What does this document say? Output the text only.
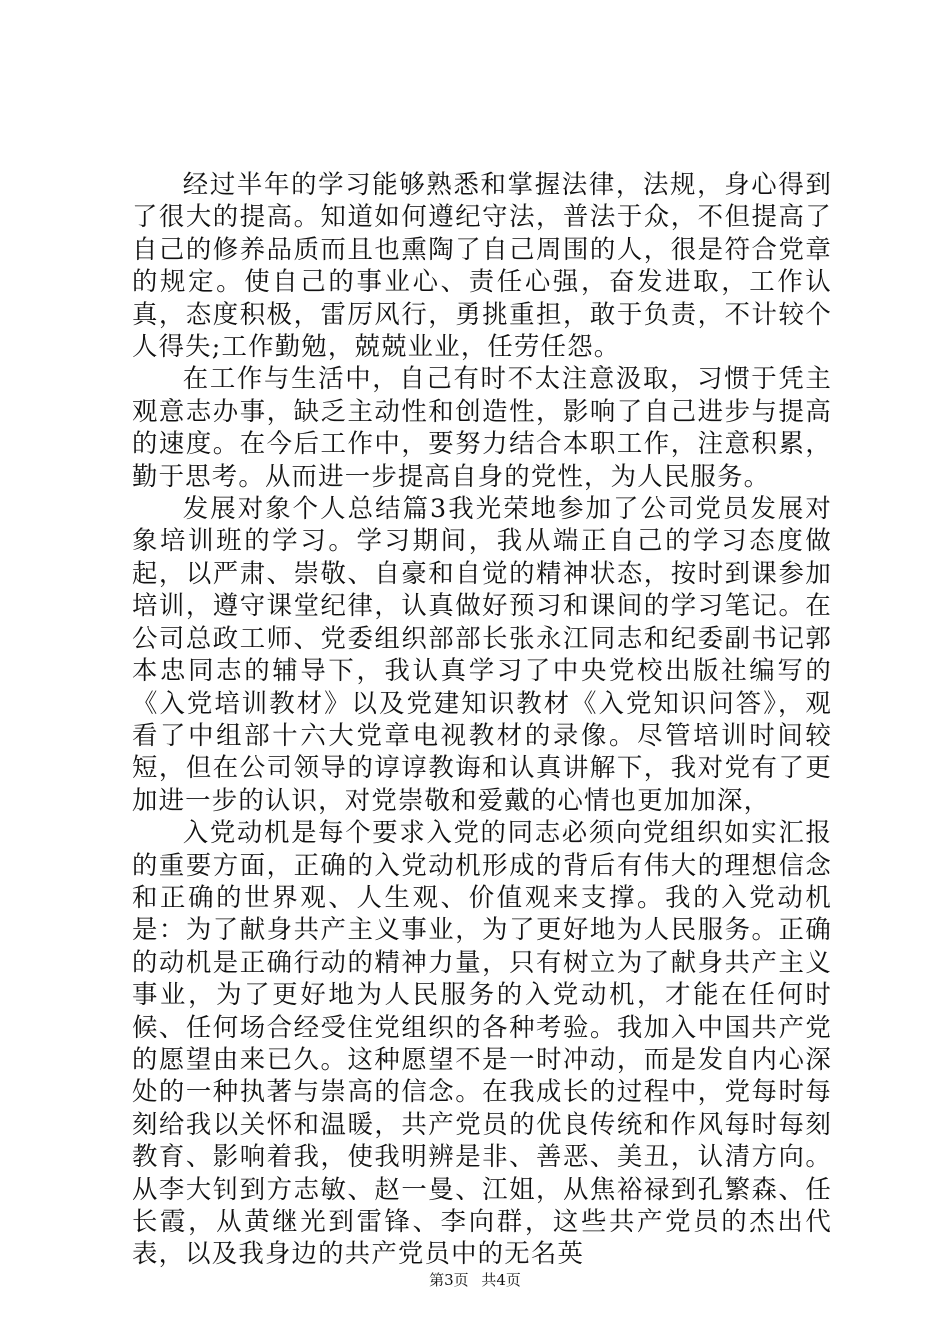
经过半年的学习能够熟悉和掌握法律，法规，身心得到了很大的提高。知道如何遵纪守法，普法于众，不但提高了自己的修养品质而且也熏陶了自己周围的人，很是符合党章的规定。使自己的事业心、责任心强，奋发进取，工作认真，态度积极，雷厉风行，勇挑重担，敢于负责，不计较个人得失;工作勤勉，兢兢业业，任劳任怨。

在工作与生活中，自己有时不太注意汲取，习惯于凭主观意志办事，缺乏主动性和创造性，影响了自己进步与提高的速度。在今后工作中，要努力结合本职工作，注意积累，勤于思考。从而进一步提高自身的党性，为人民服务。

发展对象个人总结篇3我光荣地参加了公司党员发展对象培训班的学习。学习期间，我从端正自己的学习态度做起，以严肃、崇敬、自豪和自觉的精神状态，按时到课参加培训，遵守课堂纪律，认真做好预习和课间的学习笔记。在公司总政工师、党委组织部部长张永江同志和纪委副书记郭本忠同志的辅导下，我认真学习了中央党校出版社编写的《入党培训教材》以及党建知识教材《入党知识问答》，观看了中组部十六大党章电视教材的录像。尽管培训时间较短，但在公司领导的谆谆教诲和认真讲解下，我对党有了更加进一步的认识，对党崇敬和爱戴的心情也更加加深，

入党动机是每个要求入党的同志必须向党组织如实汇报的重要方面，正确的入党动机形成的背后有伟大的理想信念和正确的世界观、人生观、价值观来支撑。我的入党动机是：为了献身共产主义事业，为了更好地为人民服务。正确的动机是正确行动的精神力量，只有树立为了献身共产主义事业，为了更好地为人民服务的入党动机，才能在任何时候、任何场合经受住党组织的各种考验。我加入中国共产党的愿望由来已久。这种愿望不是一时冲动，而是发自内心深处的一种执著与崇高的信念。在我成长的过程中，党每时每刻给我以关怀和温暖，共产党员的优良传统和作风每时每刻教育、影响着我，使我明辨是非、善恶、美丑，认清方向。从李大钊到方志敏、赵一曼、江姐，从焦裕禄到孔繁森、任长霞，从黄继光到雷锋、李向群，这些共产党员的杰出代表，以及我身边的共产党员中的无名英

第3页 共4页
